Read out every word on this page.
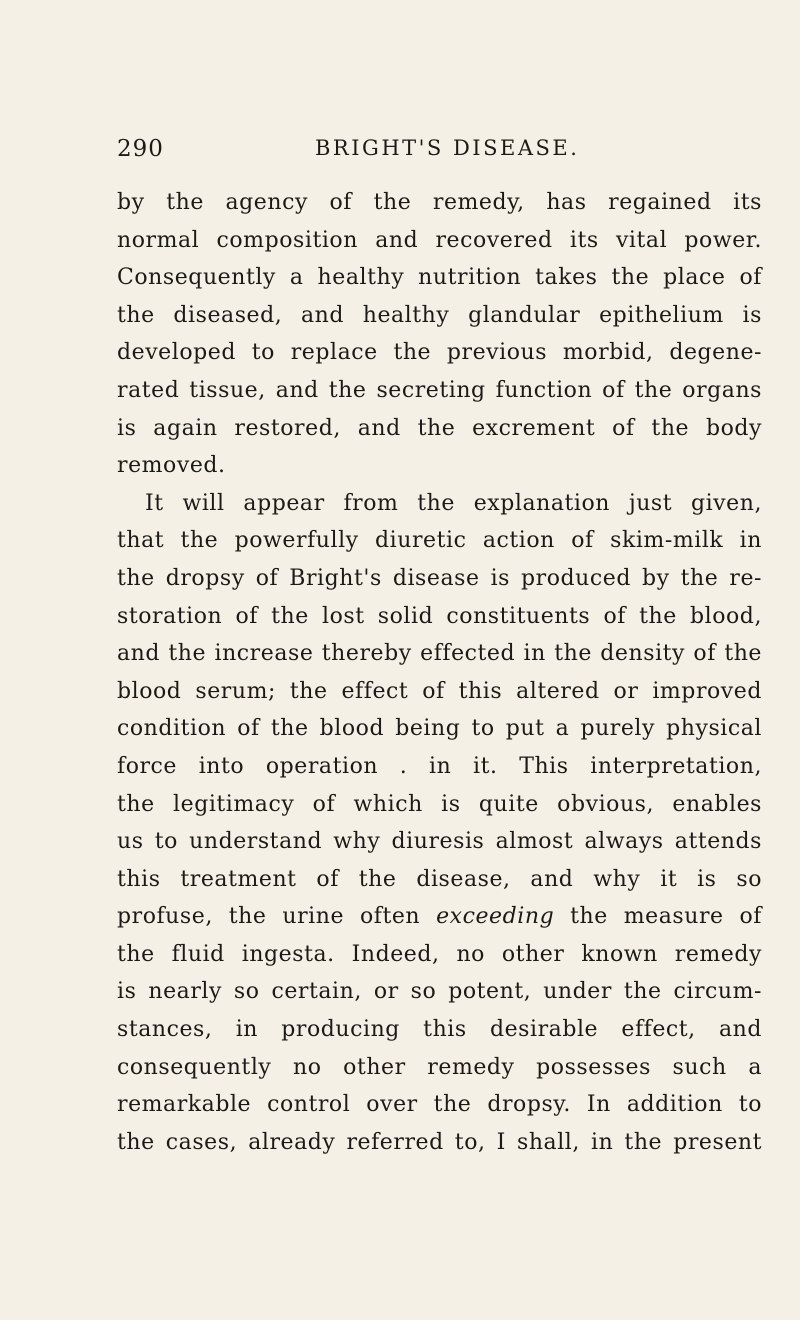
290	BRIGHT'S DISEASE.
by the agency of the remedy, has regained its
normal composition and recovered its vital power.
Consequently a healthy nutrition takes the place of
the diseased, and healthy glandular epithelium is
developed to replace the previous morbid, degene-
rated tissue, and the secreting function of the organs
is again restored, and the excrement of the body
removed.
It will appear from the explanation just given,
that the powerfully diuretic action of skim-milk in
the dropsy of Bright's disease is produced by the re-
storation of the lost solid constituents of the blood,
and the increase thereby effected in the density of the
blood serum; the effect of this altered or improved
condition of the blood being to put a purely physical
force into operation . in it. This interpretation,
the legitimacy of which is quite obvious, enables
us to understand why diuresis almost always attends
this treatment of the disease, and why it is so
profuse, the urine often exceeding the measure of
the fluid ingesta. Indeed, no other known remedy
is nearly so certain, or so potent, under the circum-
stances, in producing this desirable effect, and
consequently no other remedy possesses such a
remarkable control over the dropsy. In addition to
the cases, already referred to, I shall, in the present
